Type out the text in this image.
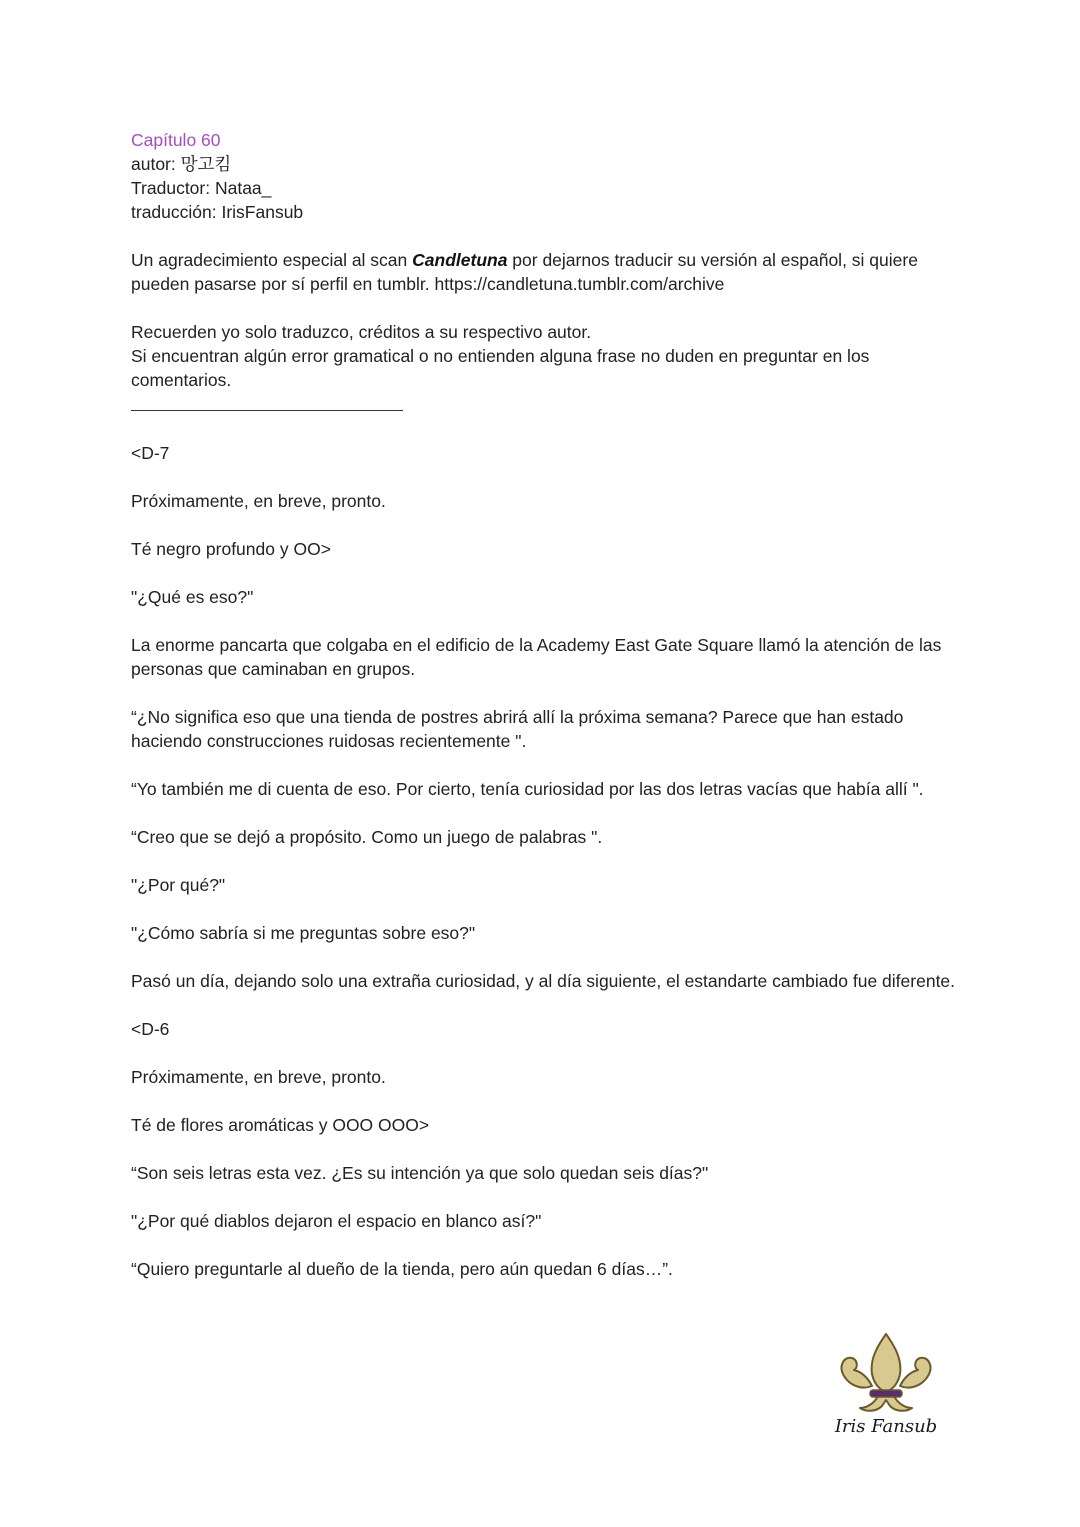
Capítulo 60
autor: 망고킴
Traductor: Nataa_
traducción: IrisFansub
Un agradecimiento especial al scan Candletuna por dejarnos traducir su versión al español, si quiere pueden pasarse por sí perfil en tumblr. https://candletuna.tumblr.com/archive
Recuerden yo solo traduzco, créditos a su respectivo autor.
Si encuentran algún error gramatical o no entienden alguna frase no duden en preguntar en los comentarios.
<D-7
Próximamente, en breve, pronto.
Té negro profundo y OO>
"¿Qué es eso?"
La enorme pancarta que colgaba en el edificio de la Academy East Gate Square llamó la atención de las personas que caminaban en grupos.
“¿No significa eso que una tienda de postres abrirá allí la próxima semana? Parece que han estado haciendo construcciones ruidosas recientemente ".
“Yo también me di cuenta de eso. Por cierto, tenía curiosidad por las dos letras vacías que había allí ".
“Creo que se dejó a propósito. Como un juego de palabras ".
"¿Por qué?"
"¿Cómo sabría si me preguntas sobre eso?"
Pasó un día, dejando solo una extraña curiosidad, y al día siguiente, el estandarte cambiado fue diferente.
<D-6
Próximamente, en breve, pronto.
Té de flores aromáticas y OOO OOO>
“Son seis letras esta vez. ¿Es su intención ya que solo quedan seis días?"
"¿Por qué diablos dejaron el espacio en blanco así?"
“Quiero preguntarle al dueño de la tienda, pero aún quedan 6 días…”.
Iris Fansub
